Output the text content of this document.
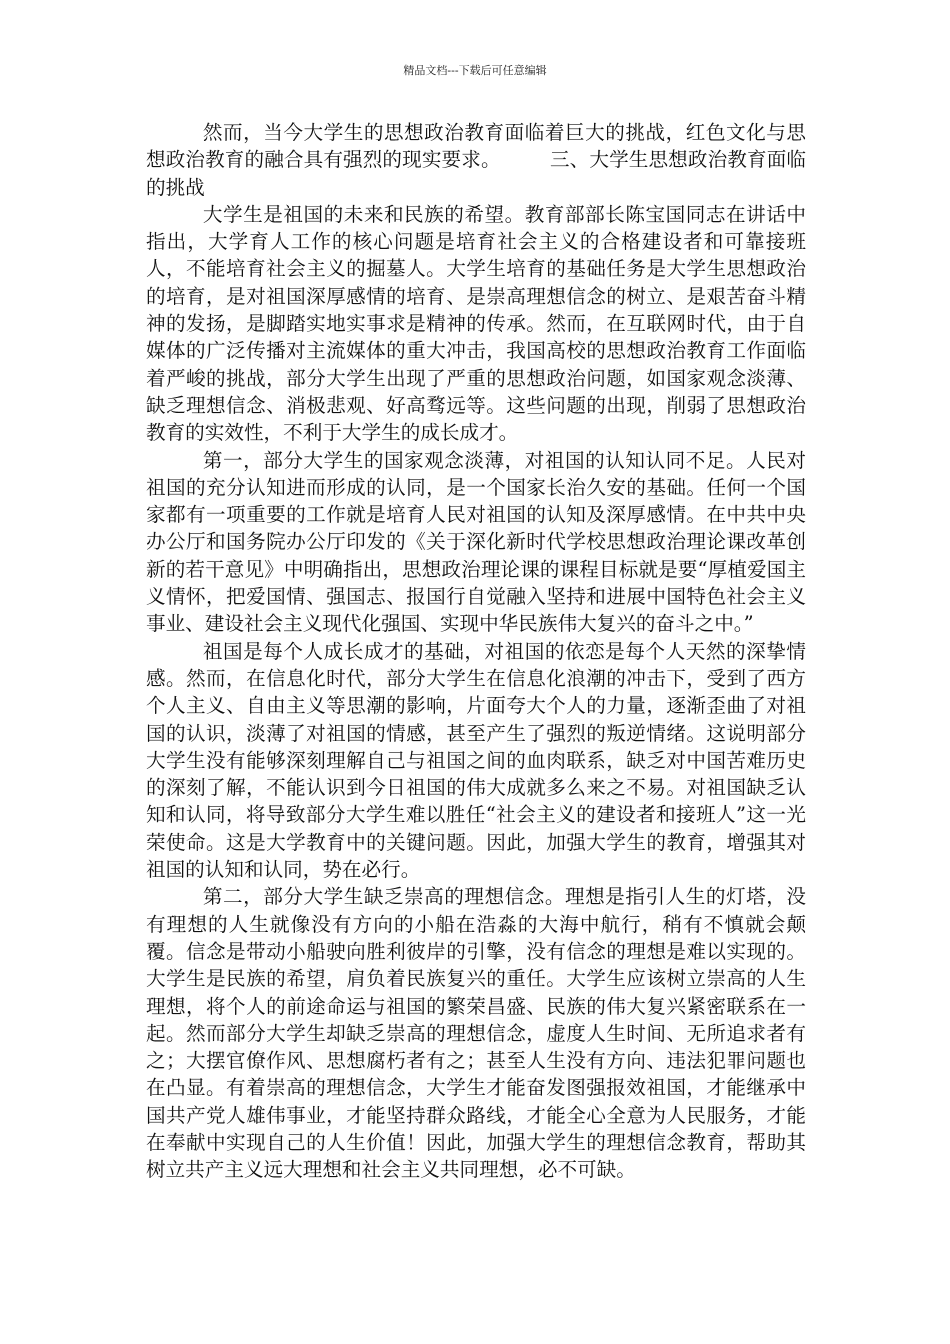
精品文档---下载后可任意编辑

然而，当今大学生的思想政治教育面临着巨大的挑战，红色文化与思想政治教育的融合具有强烈的现实要求。　　　三、大学生思想政治教育面临的挑战

大学生是祖国的未来和民族的希望。教育部部长陈宝国同志在讲话中指出，大学育人工作的核心问题是培育社会主义的合格建设者和可靠接班人，不能培育社会主义的掘墓人。大学生培育的基础任务是大学生思想政治的培育，是对祖国深厚感情的培育、是崇高理想信念的树立、是艰苦奋斗精神的发扬，是脚踏实地实事求是精神的传承。然而，在互联网时代，由于自媒体的广泛传播对主流媒体的重大冲击，我国高校的思想政治教育工作面临着严峻的挑战，部分大学生出现了严重的思想政治问题，如国家观念淡薄、缺乏理想信念、消极悲观、好高骛远等。这些问题的出现，削弱了思想政治教育的实效性，不利于大学生的成长成才。

第一，部分大学生的国家观念淡薄，对祖国的认知认同不足。人民对祖国的充分认知进而形成的认同，是一个国家长治久安的基础。任何一个国家都有一项重要的工作就是培育人民对祖国的认知及深厚感情。在中共中央办公厅和国务院办公厅印发的《关于深化新时代学校思想政治理论课改革创新的若干意见》中明确指出，思想政治理论课的课程目标就是要“厚植爱国主义情怀，把爱国情、强国志、报国行自觉融入坚持和进展中国特色社会主义事业、建设社会主义现代化强国、实现中华民族伟大复兴的奋斗之中。”

祖国是每个人成长成才的基础，对祖国的依恋是每个人天然的深挚情感。然而，在信息化时代，部分大学生在信息化浪潮的冲击下，受到了西方个人主义、自由主义等思潮的影响，片面夸大个人的力量，逐渐歪曲了对祖国的认识，淡薄了对祖国的情感，甚至产生了强烈的叛逆情绪。这说明部分大学生没有能够深刻理解自己与祖国之间的血肉联系，缺乏对中国苦难历史的深刻了解，不能认识到今日祖国的伟大成就多么来之不易。对祖国缺乏认知和认同，将导致部分大学生难以胜任“社会主义的建设者和接班人”这一光荣使命。这是大学教育中的关键问题。因此，加强大学生的教育，增强其对祖国的认知和认同，势在必行。

第二，部分大学生缺乏崇高的理想信念。理想是指引人生的灯塔，没有理想的人生就像没有方向的小船在浩淼的大海中航行，稍有不慎就会颠覆。信念是带动小船驶向胜利彼岸的引擎，没有信念的理想是难以实现的。大学生是民族的希望，肩负着民族复兴的重任。大学生应该树立崇高的人生理想，将个人的前途命运与祖国的繁荣昌盛、民族的伟大复兴紧密联系在一起。然而部分大学生却缺乏崇高的理想信念，虚度人生时间、无所追求者有之；大摆官僚作风、思想腐朽者有之；甚至人生没有方向、违法犯罪问题也在凸显。有着崇高的理想信念，大学生才能奋发图强报效祖国，才能继承中国共产党人雄伟事业，才能坚持群众路线，才能全心全意为人民服务，才能在奉献中实现自己的人生价值！因此，加强大学生的理想信念教育，帮助其树立共产主义远大理想和社会主义共同理想，必不可缺。
